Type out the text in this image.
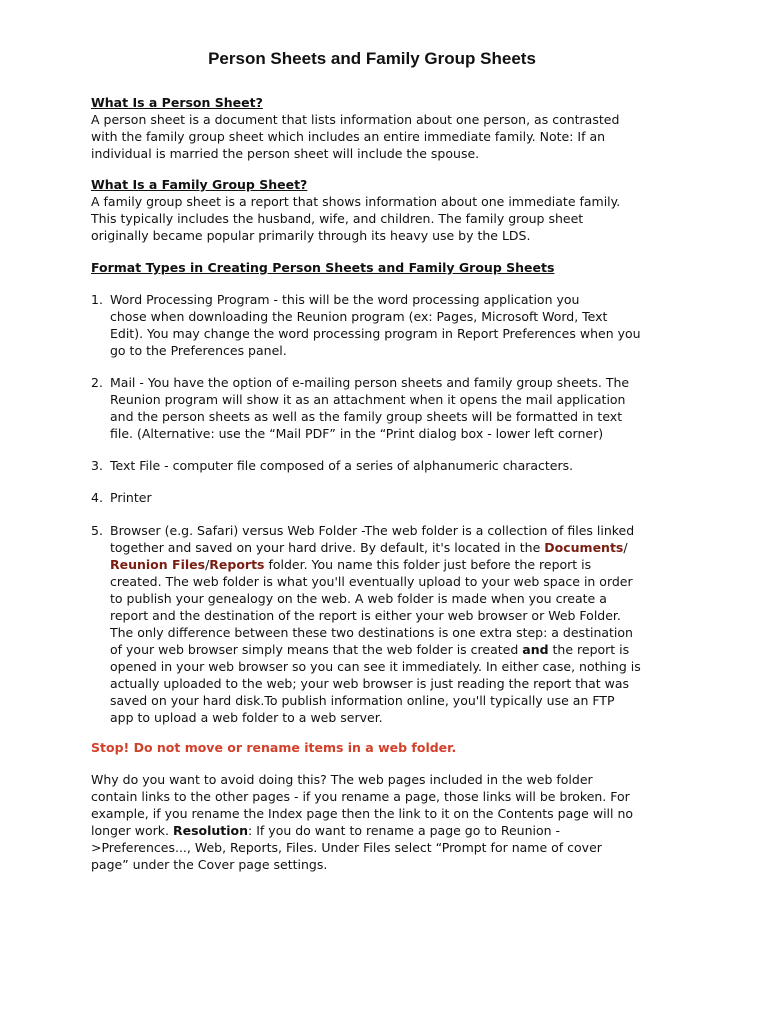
Person Sheets and Family Group Sheets
What Is a Person Sheet?
A person sheet is a document that lists information about one person, as contrasted
with the family group sheet which includes an entire immediate family. Note: If an
individual is married the person sheet will include the spouse.
What Is a Family Group Sheet?
A family group sheet is a report that shows information about one immediate family.
This typically includes the husband, wife, and children. The family group sheet
originally became popular primarily through its heavy use by the LDS.
Format Types in Creating Person Sheets and Family Group Sheets
1. Word Processing Program - this will be the word processing application you
chose when downloading the Reunion program (ex: Pages, Microsoft Word, Text
Edit). You may change the word processing program in Report Preferences when you
go to the Preferences panel.
2. Mail - You have the option of e-mailing person sheets and family group sheets. The
Reunion program will show it as an attachment when it opens the mail application
and the person sheets as well as the family group sheets will be formatted in text
file. (Alternative: use the “Mail PDF” in the “Print dialog box - lower left corner)
3. Text File - computer file composed of a series of alphanumeric characters.
4. Printer
5. Browser (e.g. Safari) versus Web Folder -The web folder is a collection of files linked
together and saved on your hard drive. By default, it's located in the Documents/
Reunion Files/Reports folder. You name this folder just before the report is
created. The web folder is what you'll eventually upload to your web space in order
to publish your genealogy on the web. A web folder is made when you create a
report and the destination of the report is either your web browser or Web Folder.
The only difference between these two destinations is one extra step: a destination
of your web browser simply means that the web folder is created and the report is
opened in your web browser so you can see it immediately. In either case, nothing is
actually uploaded to the web; your web browser is just reading the report that was
saved on your hard disk.To publish information online, you'll typically use an FTP
app to upload a web folder to a web server.
Stop! Do not move or rename items in a web folder.
Why do you want to avoid doing this? The web pages included in the web folder
contain links to the other pages - if you rename a page, those links will be broken. For
example, if you rename the Index page then the link to it on the Contents page will no
longer work. Resolution: If you do want to rename a page go to Reunion -
>Preferences..., Web, Reports, Files. Under Files select “Prompt for name of cover
page” under the Cover page settings.
